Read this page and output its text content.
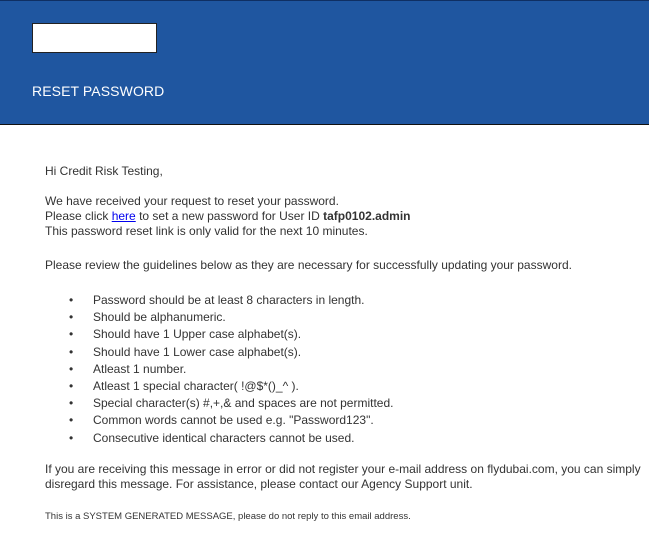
RESET PASSWORD
Hi Credit Risk Testing,
We have received your request to reset your password.
Please click here to set a new password for User ID tafp0102.admin
This password reset link is only valid for the next 10 minutes.
Please review the guidelines below as they are necessary for successfully updating your password.
• Password should be at least 8 characters in length.
• Should be alphanumeric.
• Should have 1 Upper case alphabet(s).
• Should have 1 Lower case alphabet(s).
• Atleast 1 number.
• Atleast 1 special character( !@$*()_^ ).
• Special character(s) #,+,& and spaces are not permitted.
• Common words cannot be used e.g. "Password123".
• Consecutive identical characters cannot be used.
If you are receiving this message in error or did not register your e-mail address on flydubai.com, you can simply
disregard this message. For assistance, please contact our Agency Support unit.
This is a SYSTEM GENERATED MESSAGE, please do not reply to this email address.
